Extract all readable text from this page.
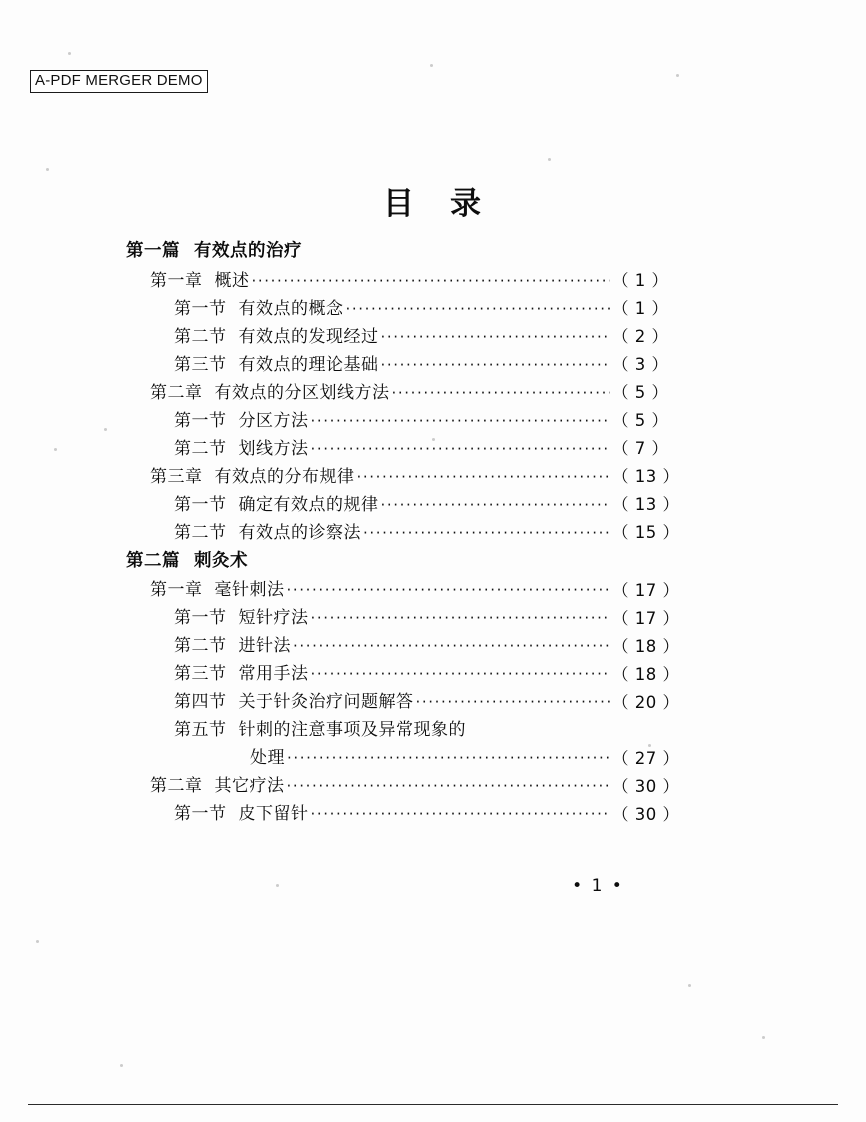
A-PDF MERGER DEMO
目 录
第一篇 有效点的治疗
第一章 概述 ·····	（ 1 ）
第一节 有效点的概念 ·····	（ 1 ）
第二节 有效点的发现经过 ·····	（ 2 ）
第三节 有效点的理论基础 ·····	（ 3 ）
第二章 有效点的分区划线方法 ·····	（ 5 ）
第一节 分区方法 ·····	（ 5 ）
第二节 划线方法 ·····	（ 7 ）
第三章 有效点的分布规律 ·····	（ 13 ）
第一节 确定有效点的规律 ·····	（ 13 ）
第二节 有效点的诊察法 ·····	（ 15 ）
第二篇 刺灸术
第一章 毫针刺法 ·····	（ 17 ）
第一节 短针疗法 ·····	（ 17 ）
第二节 进针法 ·····	（ 18 ）
第三节 常用手法 ·····	（ 18 ）
第四节 关于针灸治疗问题解答 ·····	（ 20 ）
第五节 针刺的注意事项及异常现象的
处理 ·····	（ 27 ）
第二章 其它疗法 ·····	（ 30 ）
第一节 皮下留针 ·····	（ 30 ）
• 1 •
